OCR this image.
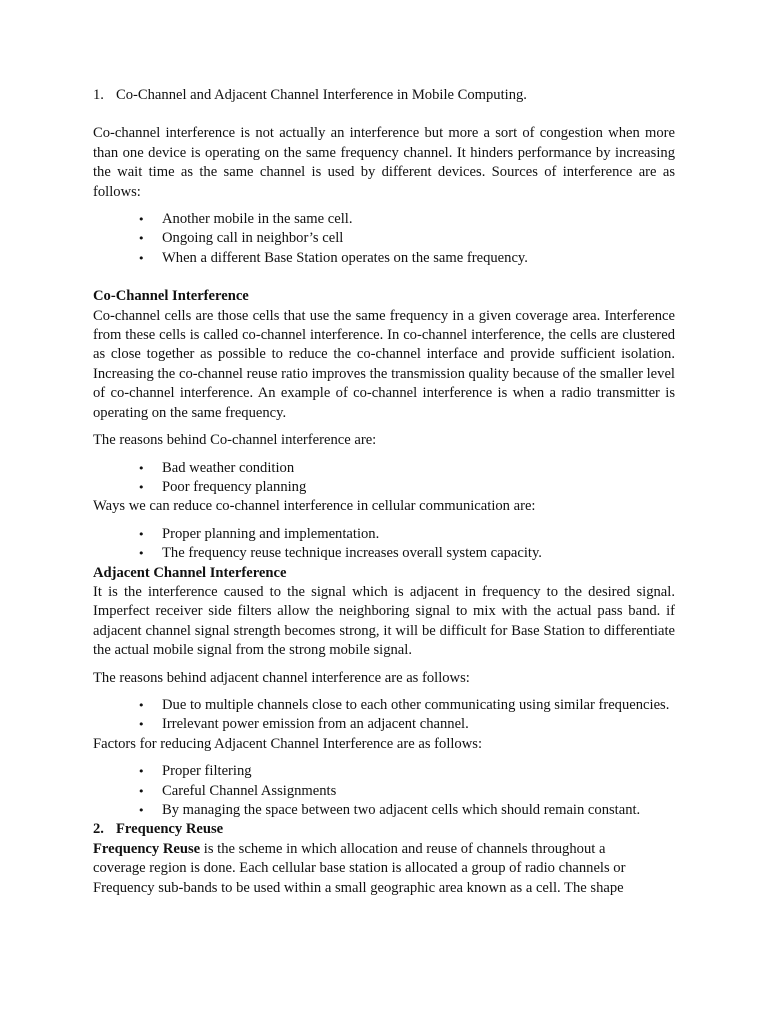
1. Co-Channel and Adjacent Channel Interference in Mobile Computing.

Co-channel interference is not actually an interference but more a sort of congestion when more than one device is operating on the same frequency channel. It hinders performance by increasing the wait time as the same channel is used by different devices. Sources of interference are as follows:

• Another mobile in the same cell.
• Ongoing call in neighbor’s cell
• When a different Base Station operates on the same frequency.

Co-Channel Interference

Co-channel cells are those cells that use the same frequency in a given coverage area. Interference from these cells is called co-channel interference. In co-channel interference, the cells are clustered as close together as possible to reduce the co-channel interface and provide sufficient isolation. Increasing the co-channel reuse ratio improves the transmission quality because of the smaller level of co-channel interference. An example of co-channel interference is when a radio transmitter is operating on the same frequency.

The reasons behind Co-channel interference are:

• Bad weather condition
• Poor frequency planning

Ways we can reduce co-channel interference in cellular communication are:

• Proper planning and implementation.
• The frequency reuse technique increases overall system capacity.

Adjacent Channel Interference

It is the interference caused to the signal which is adjacent in frequency to the desired signal. Imperfect receiver side filters allow the neighboring signal to mix with the actual pass band. if adjacent channel signal strength becomes strong, it will be difficult for Base Station to differentiate the actual mobile signal from the strong mobile signal.

The reasons behind adjacent channel interference are as follows:

• Due to multiple channels close to each other communicating using similar frequencies.
• Irrelevant power emission from an adjacent channel.

Factors for reducing Adjacent Channel Interference are as follows:

• Proper filtering
• Careful Channel Assignments
• By managing the space between two adjacent cells which should remain constant.

2. Frequency Reuse

Frequency Reuse is the scheme in which allocation and reuse of channels throughout a

coverage region is done. Each cellular base station is allocated a group of radio channels or

Frequency sub-bands to be used within a small geographic area known as a cell. The shape
